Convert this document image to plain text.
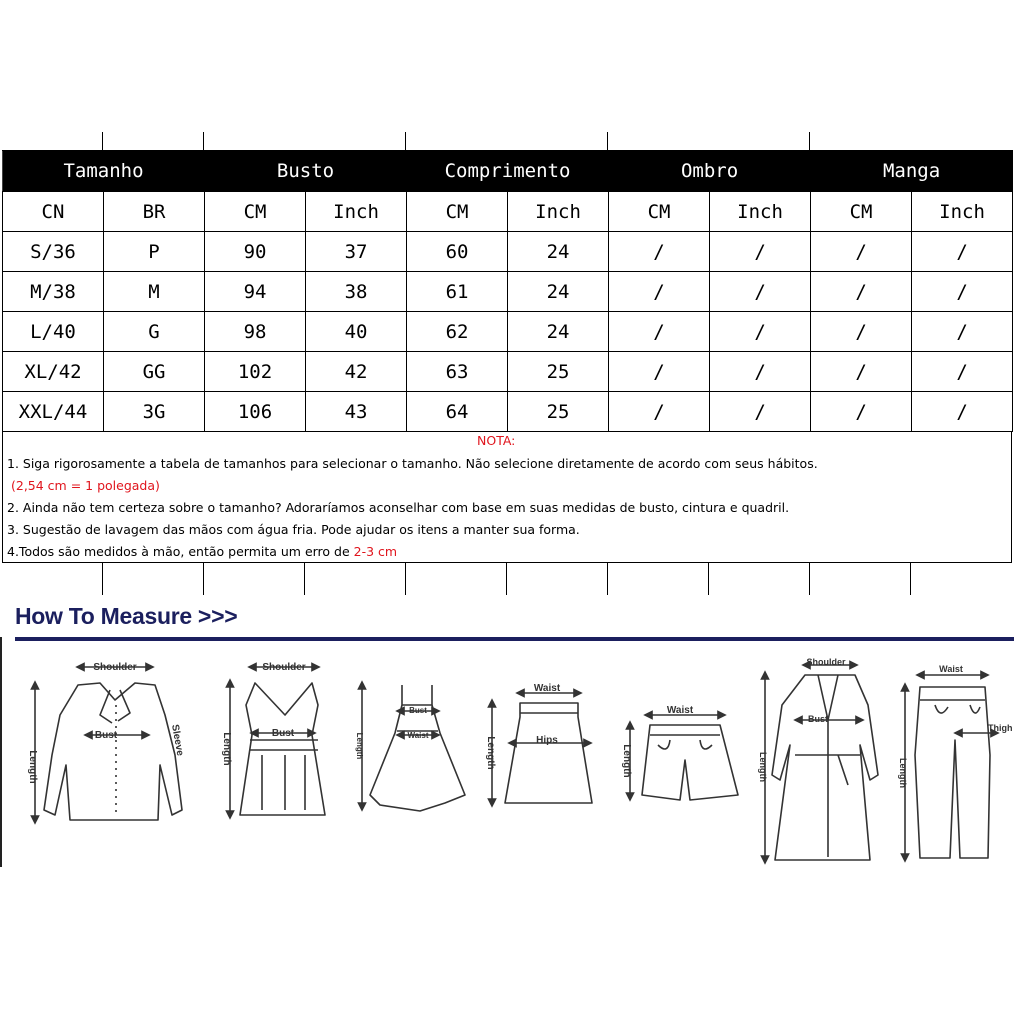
Tamanho		Busto		Comprimento		Ombro		Manga	
CN	BR	CM	Inch	CM	Inch	CM	Inch	CM	Inch
S/36	P	90	37	60	24	/	/	/	/
M/38	M	94	38	61	24	/	/	/	/
L/40	G	98	40	62	24	/	/	/	/
XL/42	GG	102	42	63	25	/	/	/	/
XXL/44	3G	106	43	64	25	/	/	/	/
NOTA:
1. Siga rigorosamente a tabela de tamanhos para selecionar o tamanho. Não selecione diretamente de acordo com seus hábitos.
(2,54 cm = 1 polegada)
2. Ainda não tem certeza sobre o tamanho? Adoraríamos aconselhar com base em suas medidas de busto, cintura e quadril.
3. Sugestão de lavagem das mãos com água fria. Pode ajudar os itens a manter sua forma.
4.Todos são medidos à mão, então permita um erro de 2-3 cm
How To Measure >>>
Shoulder
Bust	Sleeve
Length
Shoulder
Bust
Length
Bust
Waist
Length
Waist
Hips
Length
Waist
Length
Shoulder
Bust
Length
Waist
Thigh
Length
